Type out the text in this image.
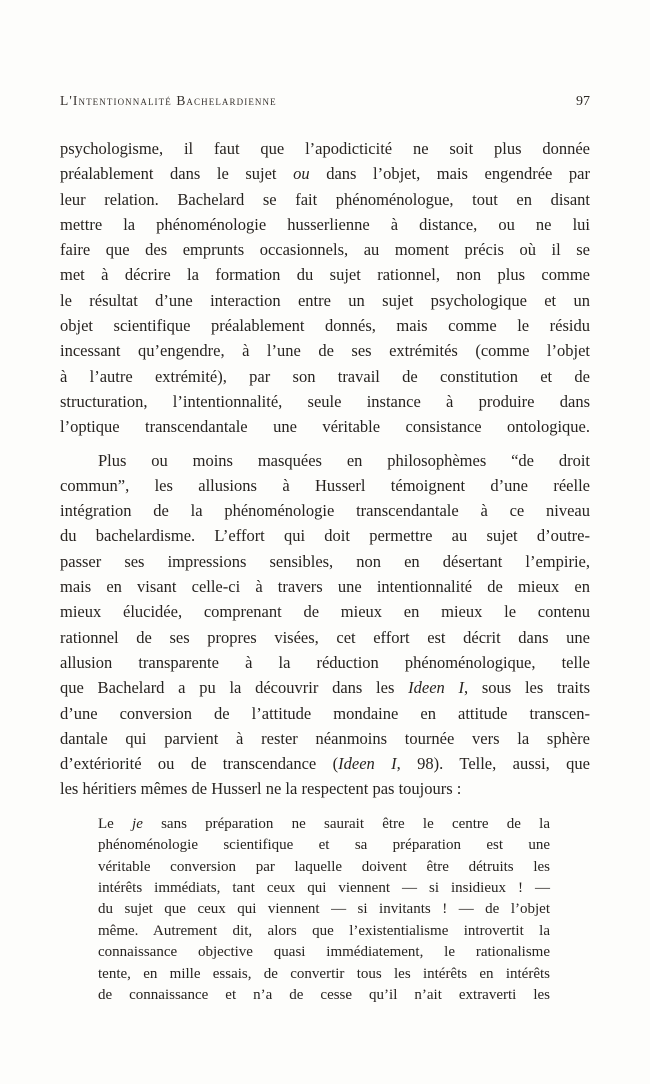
L'Intentionnalité Bachelardienne	97
psychologisme, il faut que l’apodicticité ne soit plus donnée
préalablement dans le sujet ou dans l’objet, mais engendrée par
leur relation. Bachelard se fait phénoménologue, tout en disant
mettre la phénoménologie husserlienne à distance, ou ne lui
faire que des emprunts occasionnels, au moment précis où il se
met à décrire la formation du sujet rationnel, non plus comme
le résultat d’une interaction entre un sujet psychologique et un
objet scientifique préalablement donnés, mais comme le résidu
incessant qu’engendre, à l’une de ses extrémités (comme l’objet
à l’autre extrémité), par son travail de constitution et de
structuration, l’intentionnalité, seule instance à produire dans
l’optique transcendantale une véritable consistance ontologique.
Plus ou moins masquées en philosophèmes “de droit
commun”, les allusions à Husserl témoignent d’une réelle
intégration de la phénoménologie transcendantale à ce niveau
du bachelardisme. L’effort qui doit permettre au sujet d’outre-
passer ses impressions sensibles, non en désertant l’empirie,
mais en visant celle-ci à travers une intentionnalité de mieux en
mieux élucidée, comprenant de mieux en mieux le contenu
rationnel de ses propres visées, cet effort est décrit dans une
allusion transparente à la réduction phénoménologique, telle
que Bachelard a pu la découvrir dans les Ideen I, sous les traits
d’une conversion de l’attitude mondaine en attitude transcen-
dantale qui parvient à rester néanmoins tournée vers la sphère
d’extériorité ou de transcendance (Ideen I, 98). Telle, aussi, que
les héritiers mêmes de Husserl ne la respectent pas toujours :
Le je sans préparation ne saurait être le centre de la
phénoménologie scientifique et sa préparation est une
véritable conversion par laquelle doivent être détruits les
intérêts immédiats, tant ceux qui viennent — si insidieux ! —
du sujet que ceux qui viennent — si invitants ! — de l’objet
même. Autrement dit, alors que l’existentialisme introvertit la
connaissance objective quasi immédiatement, le rationalisme
tente, en mille essais, de convertir tous les intérêts en intérêts
de connaissance et n’a de cesse qu’il n’ait extraverti les
